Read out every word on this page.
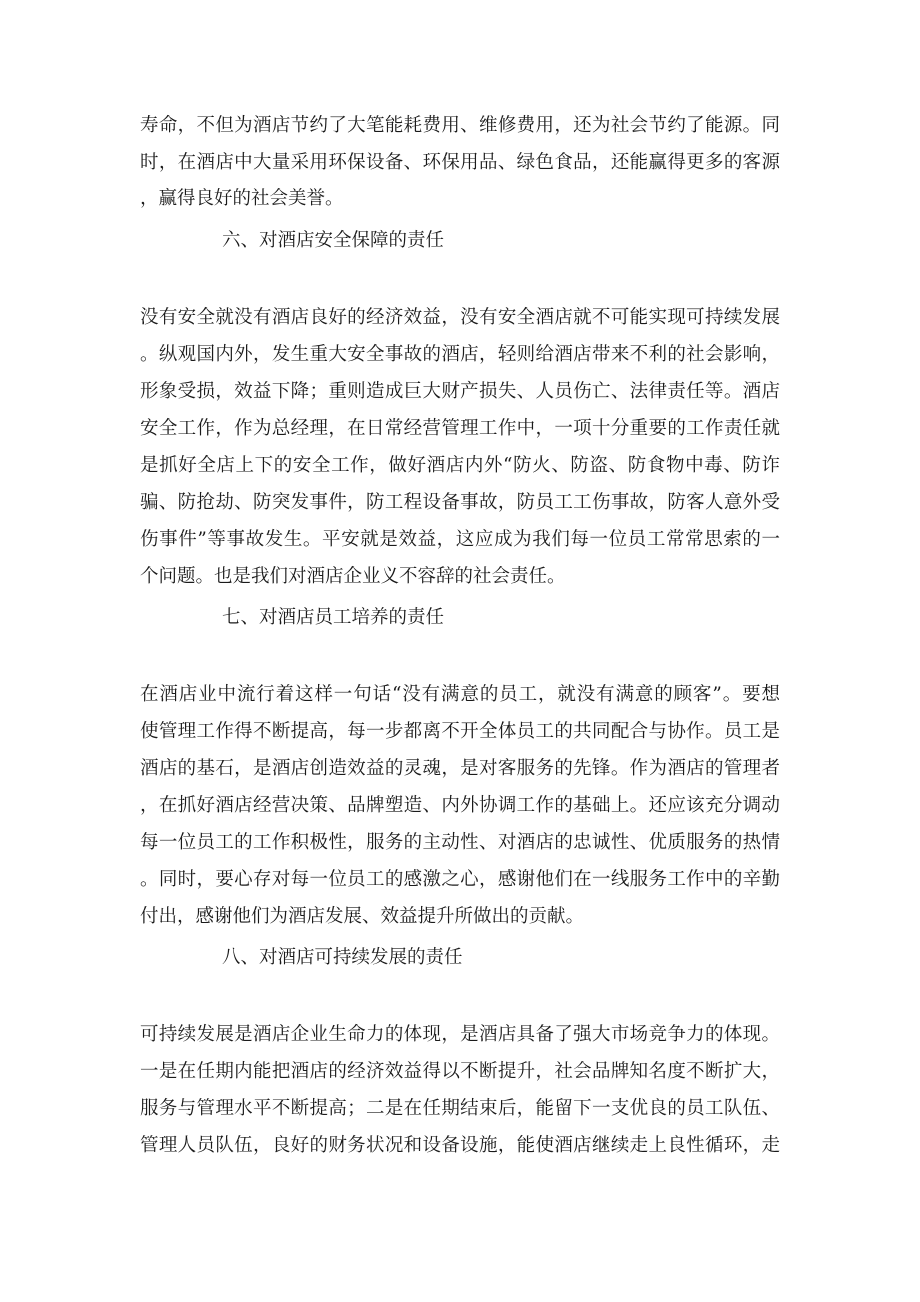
寿命，不但为酒店节约了大笔能耗费用、维修费用，还为社会节约了能源。同
时，在酒店中大量采用环保设备、环保用品、绿色食品，还能赢得更多的客源
，赢得良好的社会美誉。
六、对酒店安全保障的责任
没有安全就没有酒店良好的经济效益，没有安全酒店就不可能实现可持续发展
。纵观国内外，发生重大安全事故的酒店，轻则给酒店带来不利的社会影响，
形象受损，效益下降；重则造成巨大财产损失、人员伤亡、法律责任等。酒店
安全工作，作为总经理，在日常经营管理工作中，一项十分重要的工作责任就
是抓好全店上下的安全工作，做好酒店内外“防火、防盗、防食物中毒、防诈
骗、防抢劫、防突发事件，防工程设备事故，防员工工伤事故，防客人意外受
伤事件”等事故发生。平安就是效益，这应成为我们每一位员工常常思索的一
个问题。也是我们对酒店企业义不容辞的社会责任。
七、对酒店员工培养的责任
在酒店业中流行着这样一句话“没有满意的员工，就没有满意的顾客”。要想
使管理工作得不断提高，每一步都离不开全体员工的共同配合与协作。员工是
酒店的基石，是酒店创造效益的灵魂，是对客服务的先锋。作为酒店的管理者
，在抓好酒店经营决策、品牌塑造、内外协调工作的基础上。还应该充分调动
每一位员工的工作积极性，服务的主动性、对酒店的忠诚性、优质服务的热情
。同时，要心存对每一位员工的感激之心，感谢他们在一线服务工作中的辛勤
付出，感谢他们为酒店发展、效益提升所做出的贡献。
八、对酒店可持续发展的责任
可持续发展是酒店企业生命力的体现，是酒店具备了强大市场竞争力的体现。
一是在任期内能把酒店的经济效益得以不断提升，社会品牌知名度不断扩大，
服务与管理水平不断提高；二是在任期结束后，能留下一支优良的员工队伍、
管理人员队伍，良好的财务状况和设备设施，能使酒店继续走上良性循环，走
